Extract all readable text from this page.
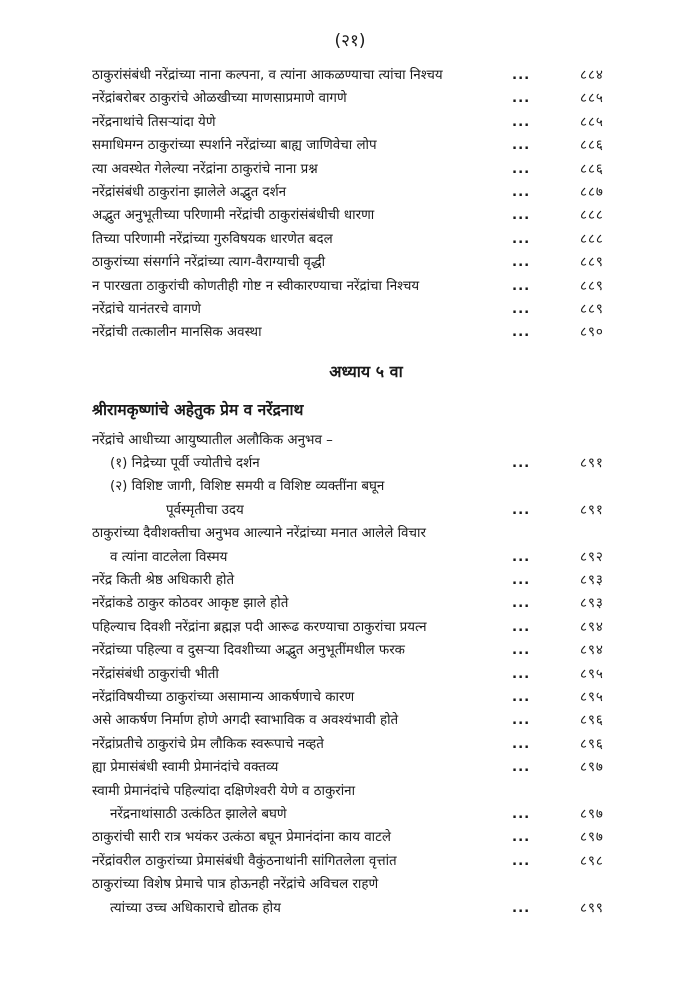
(२१)
ठाकुरांसंबंधी नरेंद्रांच्या नाना कल्पना, व त्यांना आकळण्याचा त्यांचा निश्चय	...	८८४
नरेंद्रांबरोबर ठाकुरांचे ओळखीच्या माणसाप्रमाणे वागणे	...	८८५
नरेंद्रनाथांचे तिसऱ्यांदा येणे	...	८८५
समाधिमग्न ठाकुरांच्या स्पर्शाने नरेंद्रांच्या बाह्य जाणिवेचा लोप	...	८८६
त्या अवस्थेत गेलेल्या नरेंद्रांना ठाकुरांचे नाना प्रश्न	...	८८६
नरेंद्रांसंबंधी ठाकुरांना झालेले अद्भुत दर्शन	...	८८७
अद्भुत अनुभूतीच्या परिणामी नरेंद्रांची ठाकुरांसंबंधीची धारणा	...	८८८
तिच्या परिणामी नरेंद्रांच्या गुरुविषयक धारणेत बदल	...	८८८
ठाकुरांच्या संसर्गाने नरेंद्रांच्या त्याग-वैराग्याची वृद्धी	...	८८९
न पारखता ठाकुरांची कोणतीही गोष्ट न स्वीकारण्याचा नरेंद्रांचा निश्चय	...	८८९
नरेंद्रांचे यानंतरचे वागणे	...	८८९
नरेंद्रांची तत्कालीन मानसिक अवस्था	...	८९०
अध्याय ५ वा
श्रीरामकृष्णांचे अहेतुक प्रेम व नरेंद्रनाथ
नरेंद्रांचे आधीच्या आयुष्यातील अलौकिक अनुभव –
(१) निद्रेच्या पूर्वी ज्योतीचे दर्शन	...	८९१
(२) विशिष्ट जागी, विशिष्ट समयी व विशिष्ट व्यक्तींना बघून
पूर्वस्मृतीचा उदय	...	८९१
ठाकुरांच्या दैवीशक्तीचा अनुभव आल्याने नरेंद्रांच्या मनात आलेले विचार
व त्यांना वाटलेला विस्मय	...	८९२
नरेंद्र किती श्रेष्ठ अधिकारी होते	...	८९३
नरेंद्रांकडे ठाकुर कोठवर आकृष्ट झाले होते	...	८९३
पहिल्याच दिवशी नरेंद्रांना ब्रह्मज्ञ पदी आरूढ करण्याचा ठाकुरांचा प्रयत्न	...	८९४
नरेंद्रांच्या पहिल्या व दुसऱ्या दिवशीच्या अद्भुत अनुभूतींमधील फरक	...	८९४
नरेंद्रांसंबंधी ठाकुरांची भीती	...	८९५
नरेंद्रांविषयीच्या ठाकुरांच्या असामान्य आकर्षणाचे कारण	...	८९५
असे आकर्षण निर्माण होणे अगदी स्वाभाविक व अवश्यंभावी होते	...	८९६
नरेंद्रांप्रतीचे ठाकुरांचे प्रेम लौकिक स्वरूपाचे नव्हते	...	८९६
ह्या प्रेमासंबंधी स्वामी प्रेमानंदांचे वक्तव्य	...	८९७
स्वामी प्रेमानंदांचे पहिल्यांदा दक्षिणेश्वरी येणे व ठाकुरांना
नरेंद्रनाथांसाठी उत्कंठित झालेले बघणे	...	८९७
ठाकुरांची सारी रात्र भयंकर उत्कंठा बघून प्रेमानंदांना काय वाटले	...	८९७
नरेंद्रांवरील ठाकुरांच्या प्रेमासंबंधी वैकुंठनाथांनी सांगितलेला वृत्तांत	...	८९८
ठाकुरांच्या विशेष प्रेमाचे पात्र होऊनही नरेंद्रांचे अविचल राहणे
त्यांच्या उच्च अधिकाराचे द्योतक होय	...	८९९
